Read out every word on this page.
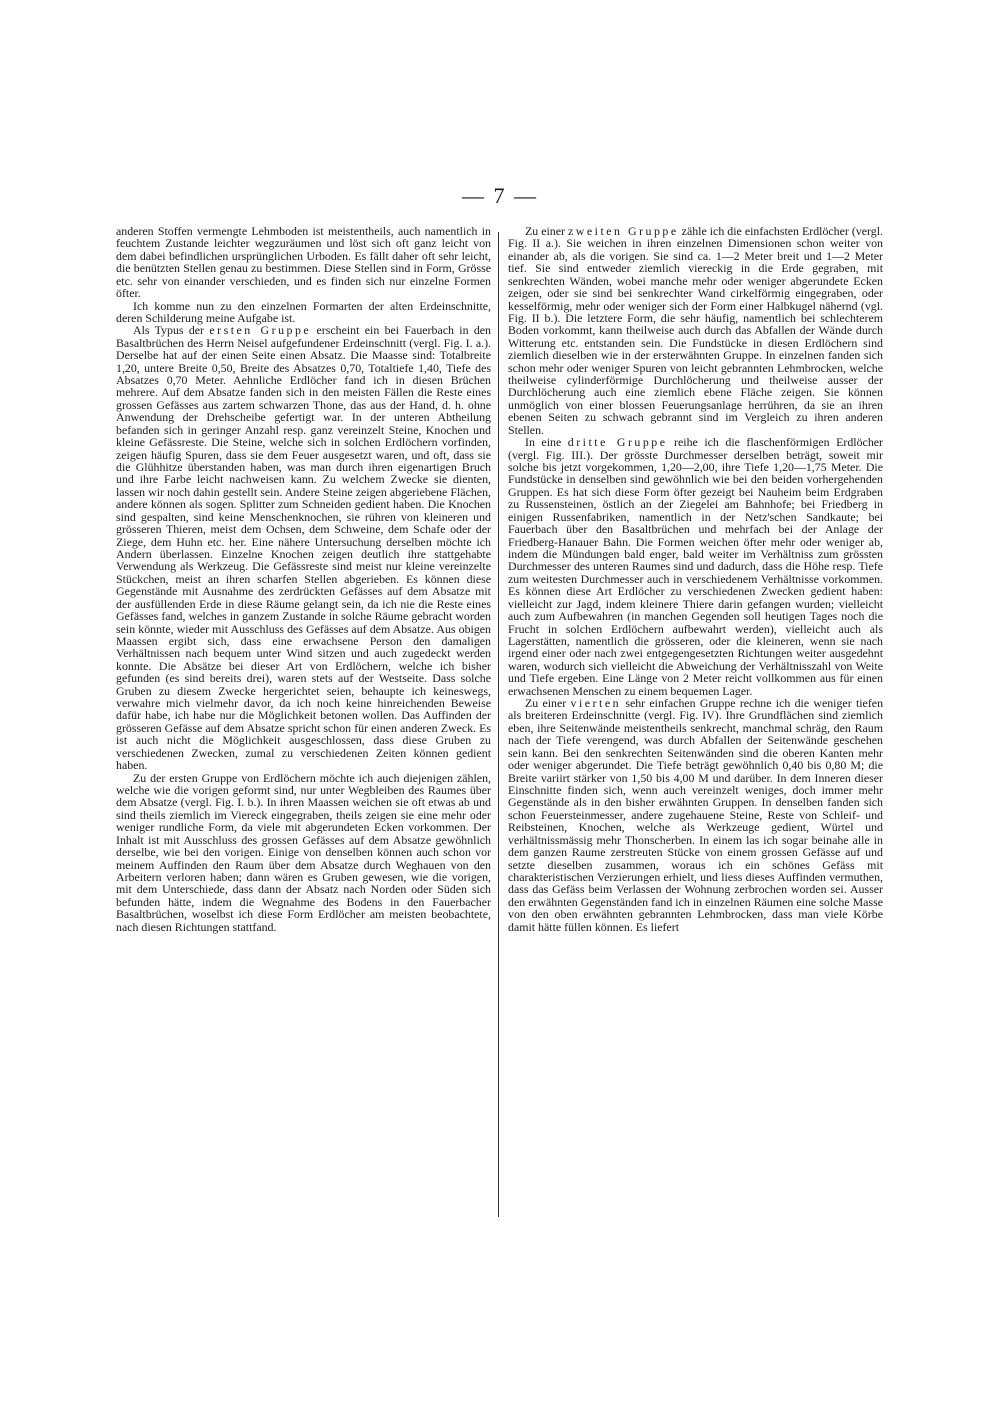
— 7 —

anderen Stoffen vermengte Lehmboden ist meistentheils, auch namentlich in feuchtem Zustande leichter wegzuräumen und löst sich oft ganz leicht von dem dabei befindlichen ursprünglichen Urboden. Es fällt daher oft sehr leicht, die benützten Stellen genau zu bestimmen. Diese Stellen sind in Form, Grösse etc. sehr von einander verschieden, und es finden sich nur einzelne Formen öfter.

Ich komme nun zu den einzelnen Formarten der alten Erdeinschnitte, deren Schilderung meine Aufgabe ist.

Als Typus der ersten Gruppe erscheint ein bei Fauerbach in den Basaltbrüchen des Herrn Neisel aufgefundener Erdeinschnitt (vergl. Fig. I. a.). Derselbe hat auf der einen Seite einen Absatz. Die Maasse sind: Totalbreite 1,20, untere Breite 0,50, Breite des Absatzes 0,70, Totaltiefe 1,40, Tiefe des Absatzes 0,70 Meter. Aehnliche Erdlöcher fand ich in diesen Brüchen mehrere. Auf dem Absatze fanden sich in den meisten Fällen die Reste eines grossen Gefässes aus zartem schwarzen Thone, das aus der Hand, d. h. ohne Anwendung der Drehscheibe gefertigt war. In der unteren Abtheilung befanden sich in geringer Anzahl resp. ganz vereinzelt Steine, Knochen und kleine Gefässreste. Die Steine, welche sich in solchen Erdlöchern vorfinden, zeigen häufig Spuren, dass sie dem Feuer ausgesetzt waren, und oft, dass sie die Glühhitze überstanden haben, was man durch ihren eigenartigen Bruch und ihre Farbe leicht nachweisen kann. Zu welchem Zwecke sie dienten, lassen wir noch dahin gestellt sein. Andere Steine zeigen abgeriebene Flächen, andere können als sogen. Splitter zum Schneiden gedient haben. Die Knochen sind gespalten, sind keine Menschenknochen, sie rühren von kleineren und grösseren Thieren, meist dem Ochsen, dem Schweine, dem Schafe oder der Ziege, dem Huhn etc. her. Eine nähere Untersuchung derselben möchte ich Andern überlassen. Einzelne Knochen zeigen deutlich ihre stattgehabte Verwendung als Werkzeug. Die Gefässreste sind meist nur kleine vereinzelte Stückchen, meist an ihren scharfen Stellen abgerieben. Es können diese Gegenstände mit Ausnahme des zerdrückten Gefässes auf dem Absatze mit der ausfüllenden Erde in diese Räume gelangt sein, da ich nie die Reste eines Gefässes fand, welches in ganzem Zustande in solche Räume gebracht worden sein könnte, wieder mit Ausschluss des Gefässes auf dem Absatze. Aus obigen Maassen ergibt sich, dass eine erwachsene Person den damaligen Verhältnissen nach bequem unter Wind sitzen und auch zugedeckt werden konnte. Die Absätze bei dieser Art von Erdlöchern, welche ich bisher gefunden (es sind bereits drei), waren stets auf der Westseite. Dass solche Gruben zu diesem Zwecke hergerichtet seien, behaupte ich keineswegs, verwahre mich vielmehr davor, da ich noch keine hinreichenden Beweise dafür habe, ich habe nur die Möglichkeit betonen wollen. Das Auffinden der grösseren Gefässe auf dem Absatze spricht schon für einen anderen Zweck. Es ist auch nicht die Möglichkeit ausgeschlossen, dass diese Gruben zu verschiedenen Zwecken, zumal zu verschiedenen Zeiten können gedient haben.

Zu der ersten Gruppe von Erdlöchern möchte ich auch diejenigen zählen, welche wie die vorigen geformt sind, nur unter Wegbleiben des Raumes über dem Absatze (vergl. Fig. I. b.). In ihren Maassen weichen sie oft etwas ab und sind theils ziemlich im Viereck eingegraben, theils zeigen sie eine mehr oder weniger rundliche Form, da viele mit abgerundeten Ecken vorkommen. Der Inhalt ist mit Ausschluss des grossen Gefässes auf dem Absatze gewöhnlich derselbe, wie bei den vorigen. Einige von denselben können auch schon vor meinem Auffinden den Raum über dem Absatze durch Weghauen von den Arbeitern verloren haben; dann wären es Gruben gewesen, wie die vorigen, mit dem Unterschiede, dass dann der Absatz nach Norden oder Süden sich befunden hätte, indem die Wegnahme des Bodens in den Fauerbacher Basaltbrüchen, woselbst ich diese Form Erdlöcher am meisten beobachtete, nach diesen Richtungen stattfand.

Zu einer zweiten Gruppe zähle ich die einfachsten Erdlöcher (vergl. Fig. II a.). Sie weichen in ihren einzelnen Dimensionen schon weiter von einander ab, als die vorigen. Sie sind ca. 1—2 Meter breit und 1—2 Meter tief. Sie sind entweder ziemlich viereckig in die Erde gegraben, mit senkrechten Wänden, wobei manche mehr oder weniger abgerundete Ecken zeigen, oder sie sind bei senkrechter Wand cirkelförmig eingegraben, oder kesselförmig, mehr oder weniger sich der Form einer Halbkugel nähernd (vgl. Fig. II b.). Die letztere Form, die sehr häufig, namentlich bei schlechterem Boden vorkommt, kann theilweise auch durch das Abfallen der Wände durch Witterung etc. entstanden sein. Die Fundstücke in diesen Erdlöchern sind ziemlich dieselben wie in der ersterwähnten Gruppe. In einzelnen fanden sich schon mehr oder weniger Spuren von leicht gebrannten Lehmbrocken, welche theilweise cylinderförmige Durchlöcherung und theilweise ausser der Durchlöcherung auch eine ziemlich ebene Fläche zeigen. Sie können unmöglich von einer blossen Feuerungsanlage herrühren, da sie an ihren ebenen Seiten zu schwach gebrannt sind im Vergleich zu ihren anderen Stellen.

In eine dritte Gruppe reihe ich die flaschenförmigen Erdlöcher (vergl. Fig. III.). Der grösste Durchmesser derselben beträgt, soweit mir solche bis jetzt vorgekommen, 1,20—2,00, ihre Tiefe 1,20—1,75 Meter. Die Fundstücke in denselben sind gewöhnlich wie bei den beiden vorhergehenden Gruppen. Es hat sich diese Form öfter gezeigt bei Nauheim beim Erdgraben zu Russensteinen, östlich an der Ziegelei am Bahnhofe; bei Friedberg in einigen Russenfabriken, namentlich in der Netz'schen Sandkaute; bei Fauerbach über den Basaltbrüchen und mehrfach bei der Anlage der Friedberg-Hanauer Bahn. Die Formen weichen öfter mehr oder weniger ab, indem die Mündungen bald enger, bald weiter im Verhältniss zum grössten Durchmesser des unteren Raumes sind und dadurch, dass die Höhe resp. Tiefe zum weitesten Durchmesser auch in verschiedenem Verhältnisse vorkommen. Es können diese Art Erdlöcher zu verschiedenen Zwecken gedient haben: vielleicht zur Jagd, indem kleinere Thiere darin gefangen wurden; vielleicht auch zum Aufbewahren (in manchen Gegenden soll heutigen Tages noch die Frucht in solchen Erdlöchern aufbewahrt werden), vielleicht auch als Lagerstätten, namentlich die grösseren, oder die kleineren, wenn sie nach irgend einer oder nach zwei entgegengesetzten Richtungen weiter ausgedehnt waren, wodurch sich vielleicht die Abweichung der Verhältnisszahl von Weite und Tiefe ergeben. Eine Länge von 2 Meter reicht vollkommen aus für einen erwachsenen Menschen zu einem bequemen Lager.

Zu einer vierten sehr einfachen Gruppe rechne ich die weniger tiefen als breiteren Erdeinschnitte (vergl. Fig. IV). Ihre Grundflächen sind ziemlich eben, ihre Seitenwände meistentheils senkrecht, manchmal schräg, den Raum nach der Tiefe verengend, was durch Abfallen der Seitenwände geschehen sein kann. Bei den senkrechten Seitenwänden sind die oberen Kanten mehr oder weniger abgerundet. Die Tiefe beträgt gewöhnlich 0,40 bis 0,80 M; die Breite variirt stärker von 1,50 bis 4,00 M und darüber. In dem Inneren dieser Einschnitte finden sich, wenn auch vereinzelt weniges, doch immer mehr Gegenstände als in den bisher erwähnten Gruppen. In denselben fanden sich schon Feuersteinmesser, andere zugehauene Steine, Reste von Schleif- und Reibsteinen, Knochen, welche als Werkzeuge gedient, Würtel und verhältnissmässig mehr Thonscherben. In einem las ich sogar beinahe alle in dem ganzen Raume zerstreuten Stücke von einem grossen Gefässe auf und setzte dieselben zusammen, woraus ich ein schönes Gefäss mit charakteristischen Verzierungen erhielt, und liess dieses Auffinden vermuthen, dass das Gefäss beim Verlassen der Wohnung zerbrochen worden sei. Ausser den erwähnten Gegenständen fand ich in einzelnen Räumen eine solche Masse von den oben erwähnten gebrannten Lehmbrocken, dass man viele Körbe damit hätte füllen können. Es liefert
